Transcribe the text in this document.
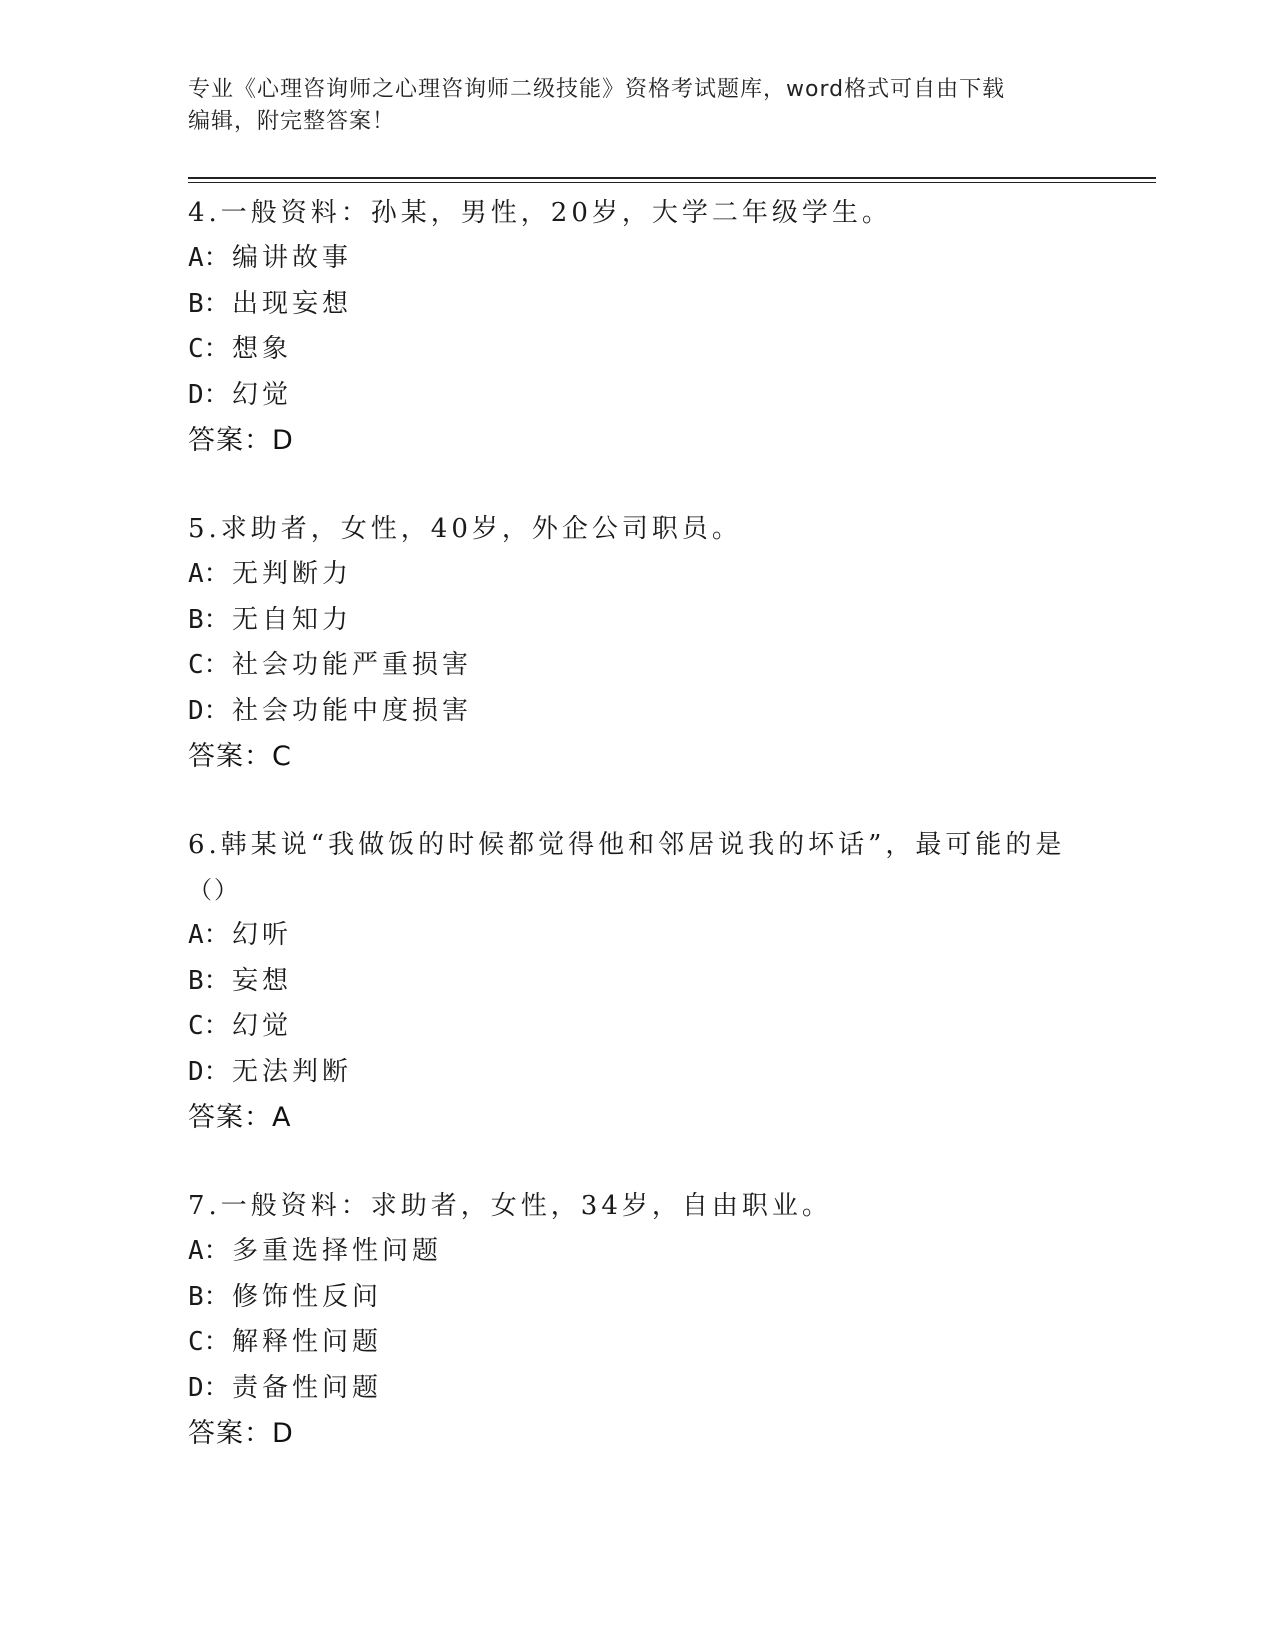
专业《心理咨询师之心理咨询师二级技能》资格考试题库，word格式可自由下载
编辑，附完整答案！
4.一般资料：孙某，男性，20岁，大学二年级学生。
A：编讲故事
B：出现妄想
C：想象
D：幻觉
答案：D
5.求助者，女性，40岁，外企公司职员。
A：无判断力
B：无自知力
C：社会功能严重损害
D：社会功能中度损害
答案：C
6.韩某说“我做饭的时候都觉得他和邻居说我的坏话”，最可能的是
（）
A：幻听
B：妄想
C：幻觉
D：无法判断
答案：A
7.一般资料：求助者，女性，34岁，自由职业。
A：多重选择性问题
B：修饰性反问
C：解释性问题
D：责备性问题
答案：D
